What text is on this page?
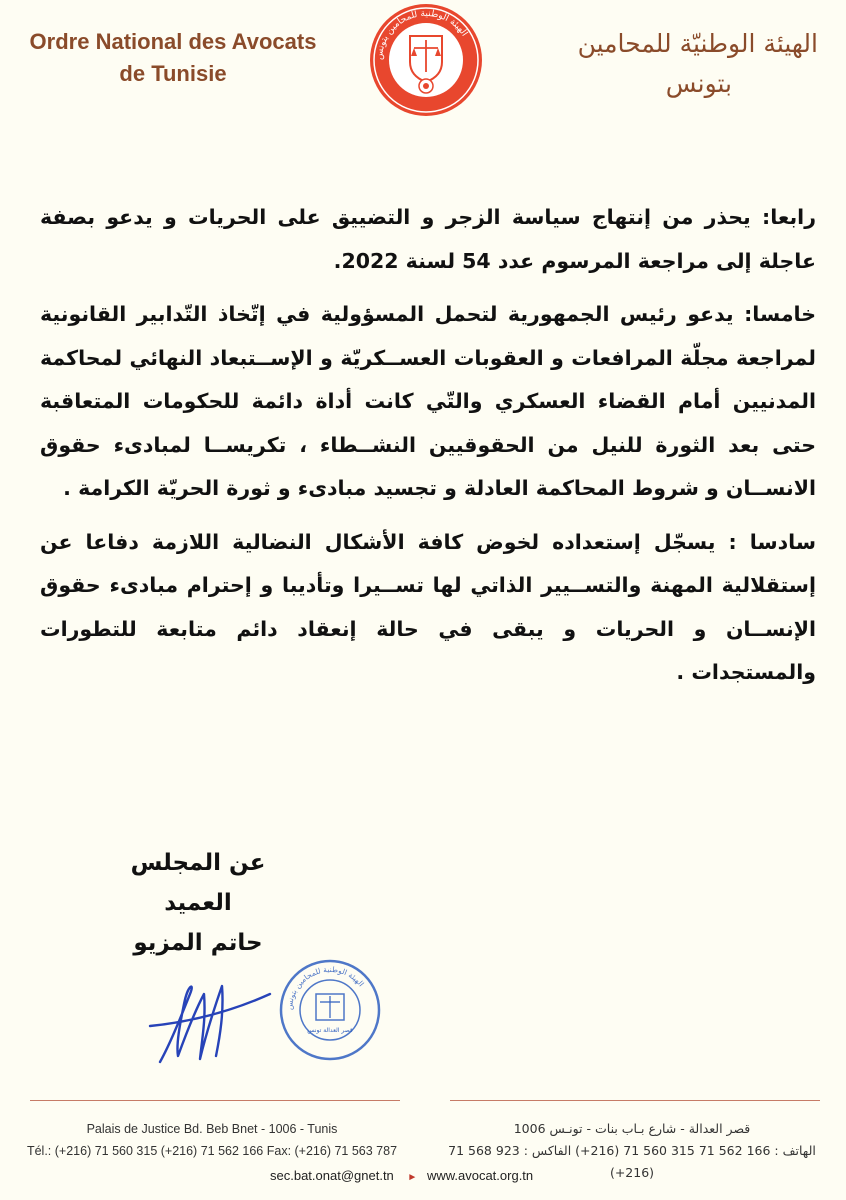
Ordre National des Avocats
de Tunisie
الهيئة الوطنية للمحامين بتونس	الهيئة الوطنيّة للمحامين
بتونس

رابعا: يحذر من إنتهاج سياسة الزجر و التضييق على الحريات و يدعو بصفة عاجلة إلى مراجعة المرسوم عدد 54 لسنة 2022.

خامسا: يدعو رئيس الجمهورية لتحمل المسؤولية في إتّخاذ التّدابير القانونية لمراجعة مجلّة المرافعات و العقوبات العســكريّة و الإســتبعاد النهائي لمحاكمة المدنيين أمام القضاء العسكري والتّي كانت أداة دائمة للحكومات المتعاقبة حتى بعد الثورة للنيل من الحقوقيين النشــطاء ، تكريســا لمبادىء حقوق الانســان و شروط المحاكمة العادلة و تجسيد مبادىء و ثورة الحريّة الكرامة .

سادسا : يسجّل إستعداده لخوض كافة الأشكال النضالية اللازمة دفاعا عن إستقلالية المهنة والتســيير الذاتي لها تســيرا وتأديبا و إحترام مبادىء حقوق الإنســان و الحريات و يبقى في حالة إنعقاد دائم متابعة للتطورات والمستجدات .

عن المجلس
العميد
حاتم المزيو
الهيئة الوطنية للمحامين بتونس
قصر العدالة تونس
Palais de Justice Bd. Beb Bnet - 1006 - Tunis
Tél.: (+216) 71 560 315 (+216) 71 562 166 Fax: (+216) 71 563 787
قصر العدالة - شارع بـاب بنات - تونـس 1006
الهاتف : 166 562 71 315 560 71 (216+) الفاكس : 923 568 71 (216+)
sec.bat.onat@gnet.tn ► www.avocat.org.tn
